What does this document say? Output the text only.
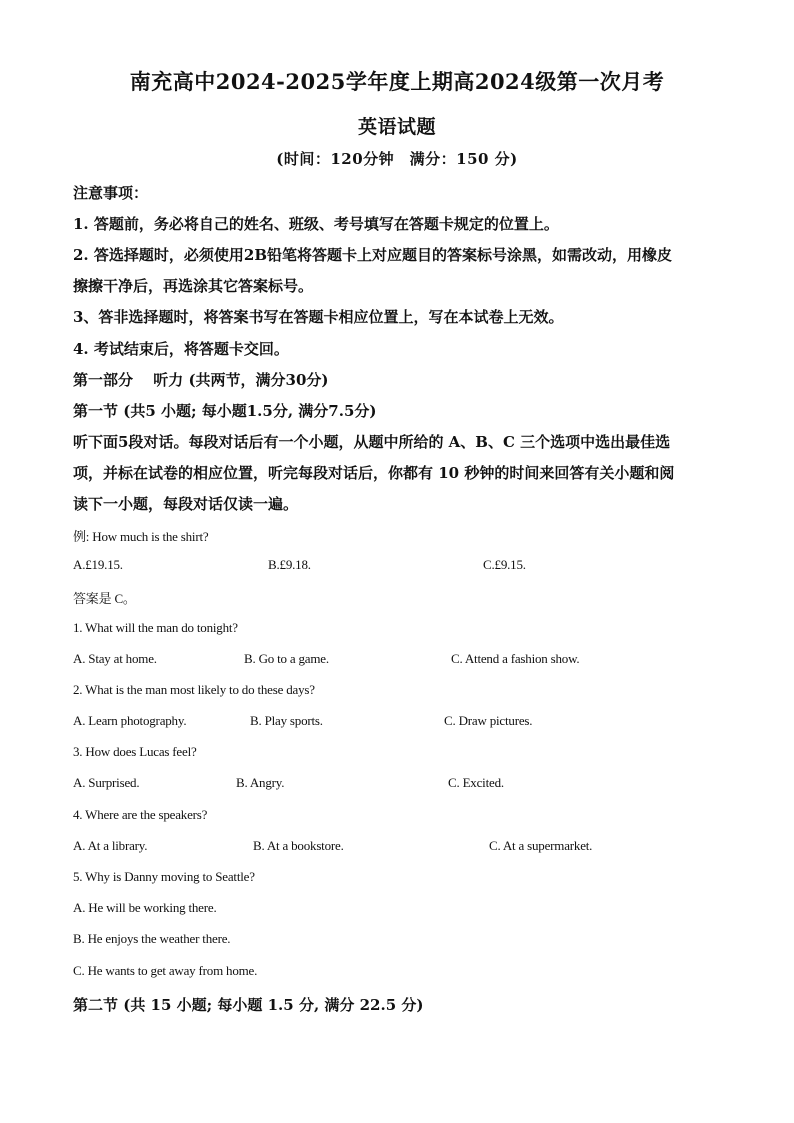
南充高中2024-2025学年度上期高2024级第一次月考
英语试题
(时间：120分钟　满分：150 分)
注意事项：
1. 答题前，务必将自己的姓名、班级、考号填写在答题卡规定的位置上。
2. 答选择题时，必须使用2B铅笔将答题卡上对应题目的答案标号涂黑，如需改动，用橡皮
擦擦干净后，再选涂其它答案标号。
3、答非选择题时，将答案书写在答题卡相应位置上，写在本试卷上无效。
4. 考试结束后，将答题卡交回。
第一部分　 听力 (共两节，满分30分)
第一节 (共5 小题; 每小题1.5分, 满分7.5分)
听下面5段对话。每段对话后有一个小题，从题中所给的 A、B、C 三个选项中选出最佳选
项，并标在试卷的相应位置，听完每段对话后，你都有 10 秒钟的时间来回答有关小题和阅
读下一小题，每段对话仅读一遍。
例: How much is the shirt?
A.£19.15.	B.£9.18.	C.£9.15.
答案是 C。
1. What will the man do tonight?
A. Stay at home.	B. Go to a game.	C. Attend a fashion show.
2. What is the man most likely to do these days?
A. Learn photography.	B. Play sports.	C. Draw pictures.
3. How does Lucas feel?
A. Surprised.	B. Angry.	C. Excited.
4. Where are the speakers?
A. At a library.	B. At a bookstore.	C. At a supermarket.
5. Why is Danny moving to Seattle?
A. He will be working there.
B. He enjoys the weather there.
C. He wants to get away from home.
第二节 (共 15 小题; 每小题 1.5 分, 满分 22.5 分)
